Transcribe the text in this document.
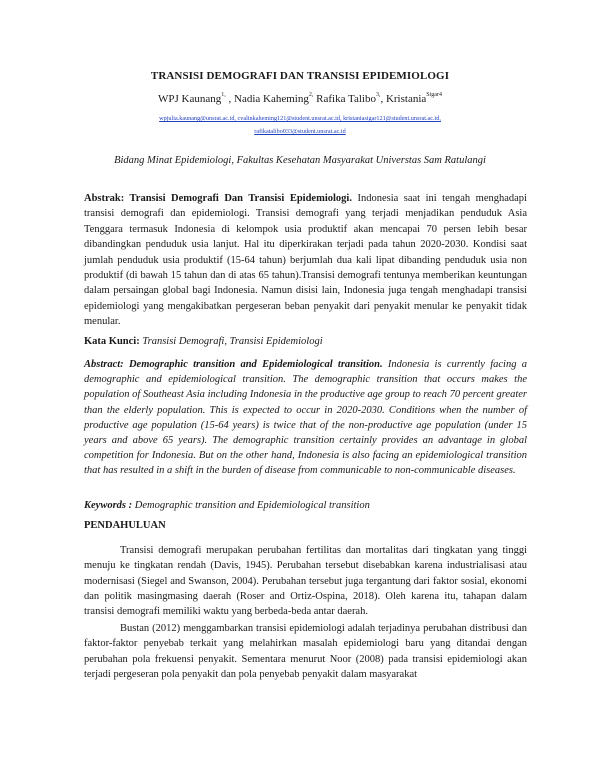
TRANSISI DEMOGRAFI DAN TRANSISI EPIDEMIOLOGI
WPJ Kaunang$^{1,}$ , Nadia Kaheming$^{2,}$ Rafika Talibo$^{3,}$, Kristania$^{Sigar4}$
wpjulia.kaunang@unsrat.ac.id, cvalinkaheming121@student.unsrat.ac.id, kristaniasigar121@student.unsrat.ac.id,
rafikatalibo033@student.unsrat.ac.id
Bidang Minat Epidemiologi, Fakultas Kesehatan Masyarakat Universtas Sam Ratulangi
Abstrak: Transisi Demografi Dan Transisi Epidemiologi. Indonesia saat ini tengah menghadapi transisi demografi dan epidemiologi. Transisi demografi yang terjadi menjadikan penduduk Asia Tenggara termasuk Indonesia di kelompok usia produktif akan mencapai 70 persen lebih besar dibandingkan penduduk usia lanjut. Hal itu diperkirakan terjadi pada tahun 2020-2030. Kondisi saat jumlah penduduk usia produktif (15-64 tahun) berjumlah dua kali lipat dibanding penduduk usia non produktif (di bawah 15 tahun dan di atas 65 tahun).Transisi demografi tentunya memberikan keuntungan dalam persaingan global bagi Indonesia. Namun disisi lain, Indonesia juga tengah menghadapi transisi epidemiologi yang mengakibatkan pergeseran beban penyakit dari penyakit menular ke penyakit tidak menular.
Kata Kunci: Transisi Demografi, Transisi Epidemiologi
Abstract: Demographic transition and Epidemiological transition. Indonesia is currently facing a demographic and epidemiological transition. The demographic transition that occurs makes the population of Southeast Asia including Indonesia in the productive age group to reach 70 percent greater than the elderly population. This is expected to occur in 2020-2030. Conditions when the number of productive age population (15-64 years) is twice that of the non-productive age population (under 15 years and above 65 years). The demographic transition certainly provides an advantage in global competition for Indonesia. But on the other hand, Indonesia is also facing an epidemiological transition that has resulted in a shift in the burden of disease from communicable to non-communicable diseases.
Keywords : Demographic transition and Epidemiological transition
PENDAHULUAN
Transisi demografi merupakan perubahan fertilitas dan mortalitas dari tingkatan yang tinggi menuju ke tingkatan rendah (Davis, 1945). Perubahan tersebut disebabkan karena industrialisasi atau modernisasi (Siegel and Swanson, 2004). Perubahan tersebut juga tergantung dari faktor sosial, ekonomi dan politik masingmasing daerah (Roser and Ortiz-Ospina, 2018). Oleh karena itu, tahapan dalam transisi demografi memiliki waktu yang berbeda-beda antar daerah.
Bustan (2012) menggambarkan transisi epidemiologi adalah terjadinya perubahan distribusi dan faktor-faktor penyebab terkait yang melahirkan masalah epidemiologi baru yang ditandai dengan perubahan pola frekuensi penyakit. Sementara menurut Noor (2008) pada transisi epidemiologi akan terjadi pergeseran pola penyakit dan pola penyebab penyakit dalam masyarakat
